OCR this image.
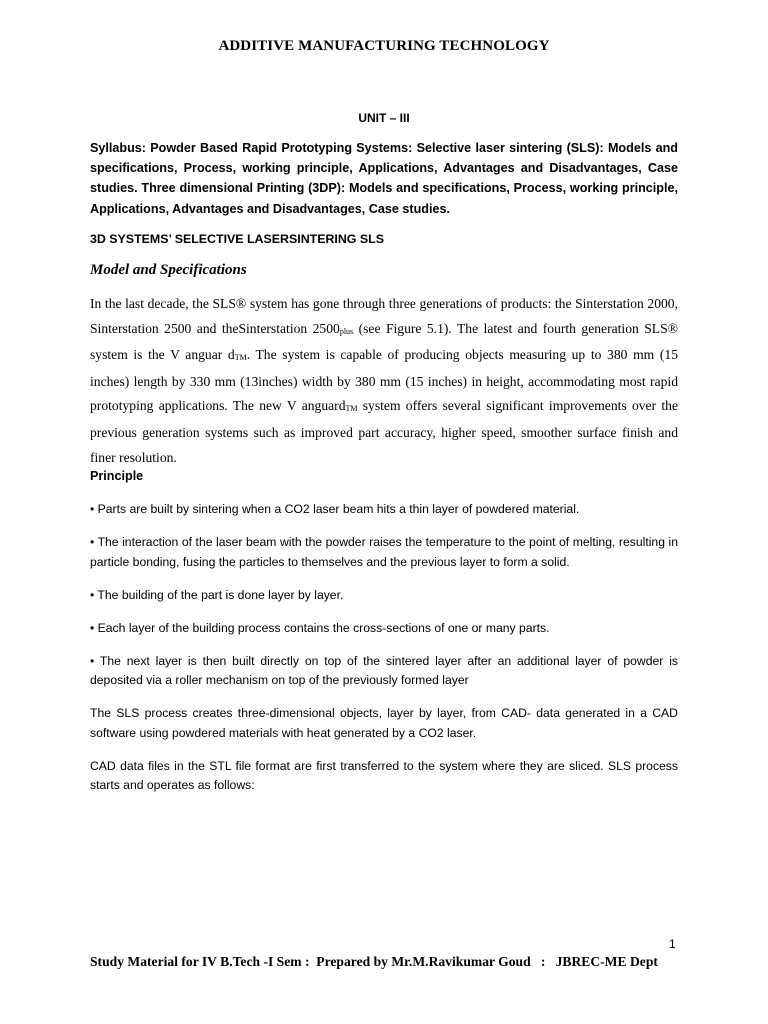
ADDITIVE MANUFACTURING TECHNOLOGY
UNIT – III
Syllabus: Powder Based Rapid Prototyping Systems: Selective laser sintering (SLS): Models and specifications, Process, working principle, Applications, Advantages and Disadvantages, Case studies. Three dimensional Printing (3DP): Models and specifications, Process, working principle, Applications, Advantages and Disadvantages, Case studies.
3D SYSTEMS’ SELECTIVE LASERSINTERING SLS
Model and Specifications
In the last decade, the SLS® system has gone through three generations of products: the Sinterstation 2000, Sinterstation 2500 and theSinterstation $2500_{plus}$ (see Figure 5.1). The latest and fourth generation SLS® system is the V anguar $d_{TM}$. The system is capable of producing objects measuring up to 380 mm (15 inches) length by 330 mm (13inches) width by 380 mm (15 inches) in height, accommodating most rapid prototyping applications. The new V anguard$_{TM}$ system offers several significant improvements over the previous generation systems such as improved part accuracy, higher speed, smoother surface finish and finer resolution.
Principle

• Parts are built by sintering when a CO2 laser beam hits a thin layer of powdered material.

• The interaction of the laser beam with the powder raises the temperature to the point of melting, resulting in particle bonding, fusing the particles to themselves and the previous layer to form a solid.

• The building of the part is done layer by layer.

• Each layer of the building process contains the cross-sections of one or many parts.

• The next layer is then built directly on top of the sintered layer after an additional layer of powder is deposited via a roller mechanism on top of the previously formed layer

The SLS process creates three-dimensional objects, layer by layer, from CAD- data generated in a CAD software using powdered materials with heat generated by a CO2 laser.

CAD data files in the STL file format are first transferred to the system where they are sliced. SLS process starts and operates as follows:

1
Study Material for IV B.Tech -I Sem :  Prepared by Mr.M.Ravikumar Goud   :   JBREC-ME Dept
